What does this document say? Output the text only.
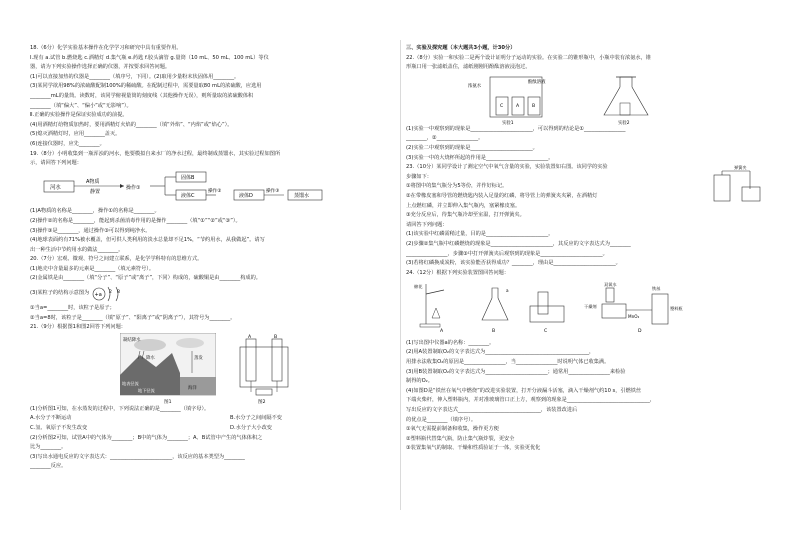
18.（6分）化学实验基本操作在化学学习和研究中具有重要作用。
Ⅰ.现有 a.试管 b.燃烧匙 c.酒精灯 d.集气瓶 e.药匙 f.胶头滴管 g.量筒（10 mL、50 mL、100 mL）等仪
器，请为下列实验操作选择正确的仪器，并按要求回答问题。
(1)可以直接加热的仪器是________（填序号，下同）。(2)取用少量粉末状固体用________。
(3)某同学欲用98%的浓硫酸配制100%的稀硫酸。在配制过程中，需要量取80 mL的浓硫酸，应选用
________mL的量筒。读数时，该同学俯视量筒的刻度线（其他操作无误），则所量取的浓硫酸体积
________（填“偏大”、“偏小”或“无影响”）。
Ⅱ.正确的实验操作是保证实验成功的前提。
(4)用酒精灯给物质加热时，要用酒精灯火焰的________（填“外焰”、“内焰”或“焰心”）。
(5)熄灭酒精灯时，应用________盖灭。
(6)连接仪器时，应先________。
19.（8分）小明收集到一瓶浑浊的河水，他要模拟自来水厂的净水过程，最终制成蒸馏水，其实验过程如图所
示，请回答下列问题：
河水
A物质
静置
操作①
固体B
液体C
操作②
液体D
操作③
蒸馏水
(1)A物质的名称是________，操作①的名称是________。
(2)操作②的名称是________，能起到杀菌消毒作用的是操作________（填“①”“②”或“③”）。
(3)操作③是________，通过操作③可以得到纯净水。
(4)地球表面约有71%被水覆盖，但可供人类利用的淡水总量却不足1%，“节约用水，从我做起”。请写
出一种生活中节约用水的做法________。
20.（7分）宏观、微观、符号之间建立联系，是化学学科特有的思维方式。
(1)地壳中含量最多的元素是________（填元素符号）。
(2)金属铁是由________（填“分子”、“原子”或“离子”，下同）构成的，硫酸铜是由________构成的。
(3)某粒子的结构示意图为 +a 2 8
①当a=________时，该粒子是原子；
②当a=8时，该粒子是________（填“原子”、“阳离子”或“阴离子”），其符号为________。
21.（9分）根据图1和图2回答下列问题：
凝结降水
降水	蒸发
地表径流
地下径流	海洋
图1
A	B
图2
(1)分析图1可知，在水蒸发的过程中，下列说法正确的是________（填字母）。
A.水分子不断运动	B.水分子之间间隔不变
C.氢、氧原子不发生改变	D.水分子大小改变
(2)分析图2可知，试管A中的气体为________；B中的气体为________；A、B试管中产生的气体体积之
比为________。
(3)写出水通电反应的文字表达式：________________________，该反应的基本类型为________
________反应。
三、实验及探究题（本大题共3小题，计30分）
22.（8分）实验一和实验二是两个设计证明分子运动的实验。在实验二的锥形瓶中，小瓶中装有浓氨水，锥
形瓶口用一张滤纸盖住，滤纸刚刚用酚酞溶液浸泡过。
浓氨水
酚酞溶液
C	A	B
实验1	实验2
(1)实验一中观察到的现象是________________________，可以得到的结论是①________________
________，②________________。
(2)实验二中观察到的现象是________________________。
(3)实验一中的大烧杯所起的作用是________________________。
弹簧夹
23.（10分）某同学设计了测定空气中氧气含量的实验，实验装置如右图。该同学的实验
步骤如下：
①将图中的集气瓶分为5等份，并作好标记。
②在带橡皮塞和导管的燃烧匙内装入足量的红磷，将导管上的弹簧夹夹紧，在酒精灯
上点燃红磷，并立即伸入集气瓶内，塞紧橡皮塞。
③充分反应后，待集气瓶冷却至室温，打开弹簧夹。
请回答下列问题：
(1)该实验中红磷需稍过量，目的是________________________。
(2)步骤②集气瓶中红磷燃烧的现象是________________________，其反应的文字表达式为________
________________，步骤③中打开弹簧夹后观察到的现象是________________________。
(3)若将红磷换成炭粉，该实验能否获得成功？________，理由是________________________。
24.（12分）根据下列实验装置图回答问题：
棉花
A
a
B	C
双氧水
干燥剂
MnO₂
铁丝
塑料瓶
D
(1)写出图中仪器a的名称：________。
(2)用A装置制取O₂的文字表达式为________________________________________，
用排水法收集O₂的原因是________________，当________________时说明气体已收集满。
(3)用B装置制取O₂的文字表达式为________________________；通常用________________来检验
制得的O₂。
(4)如图D是“铁丝在氧气中燃烧”的改进实验装置，打开分液漏斗活塞，滴入干燥剂气约10 s，引燃铁丝
下端火柴杆，伸入塑料瓶内，并对准玻璃管口正上方，观察到的现象是________________________________，
写出反应的文字表达式________________________________，该装置改进后
的优点是________（填序号）。
①氧气无需提前制备和收集，操作更方便
②塑料瓶代替集气瓶，防止集气瓶炸裂，更安全
③装置集氧气的制取、干燥和性质验证于一体，实验更优化
